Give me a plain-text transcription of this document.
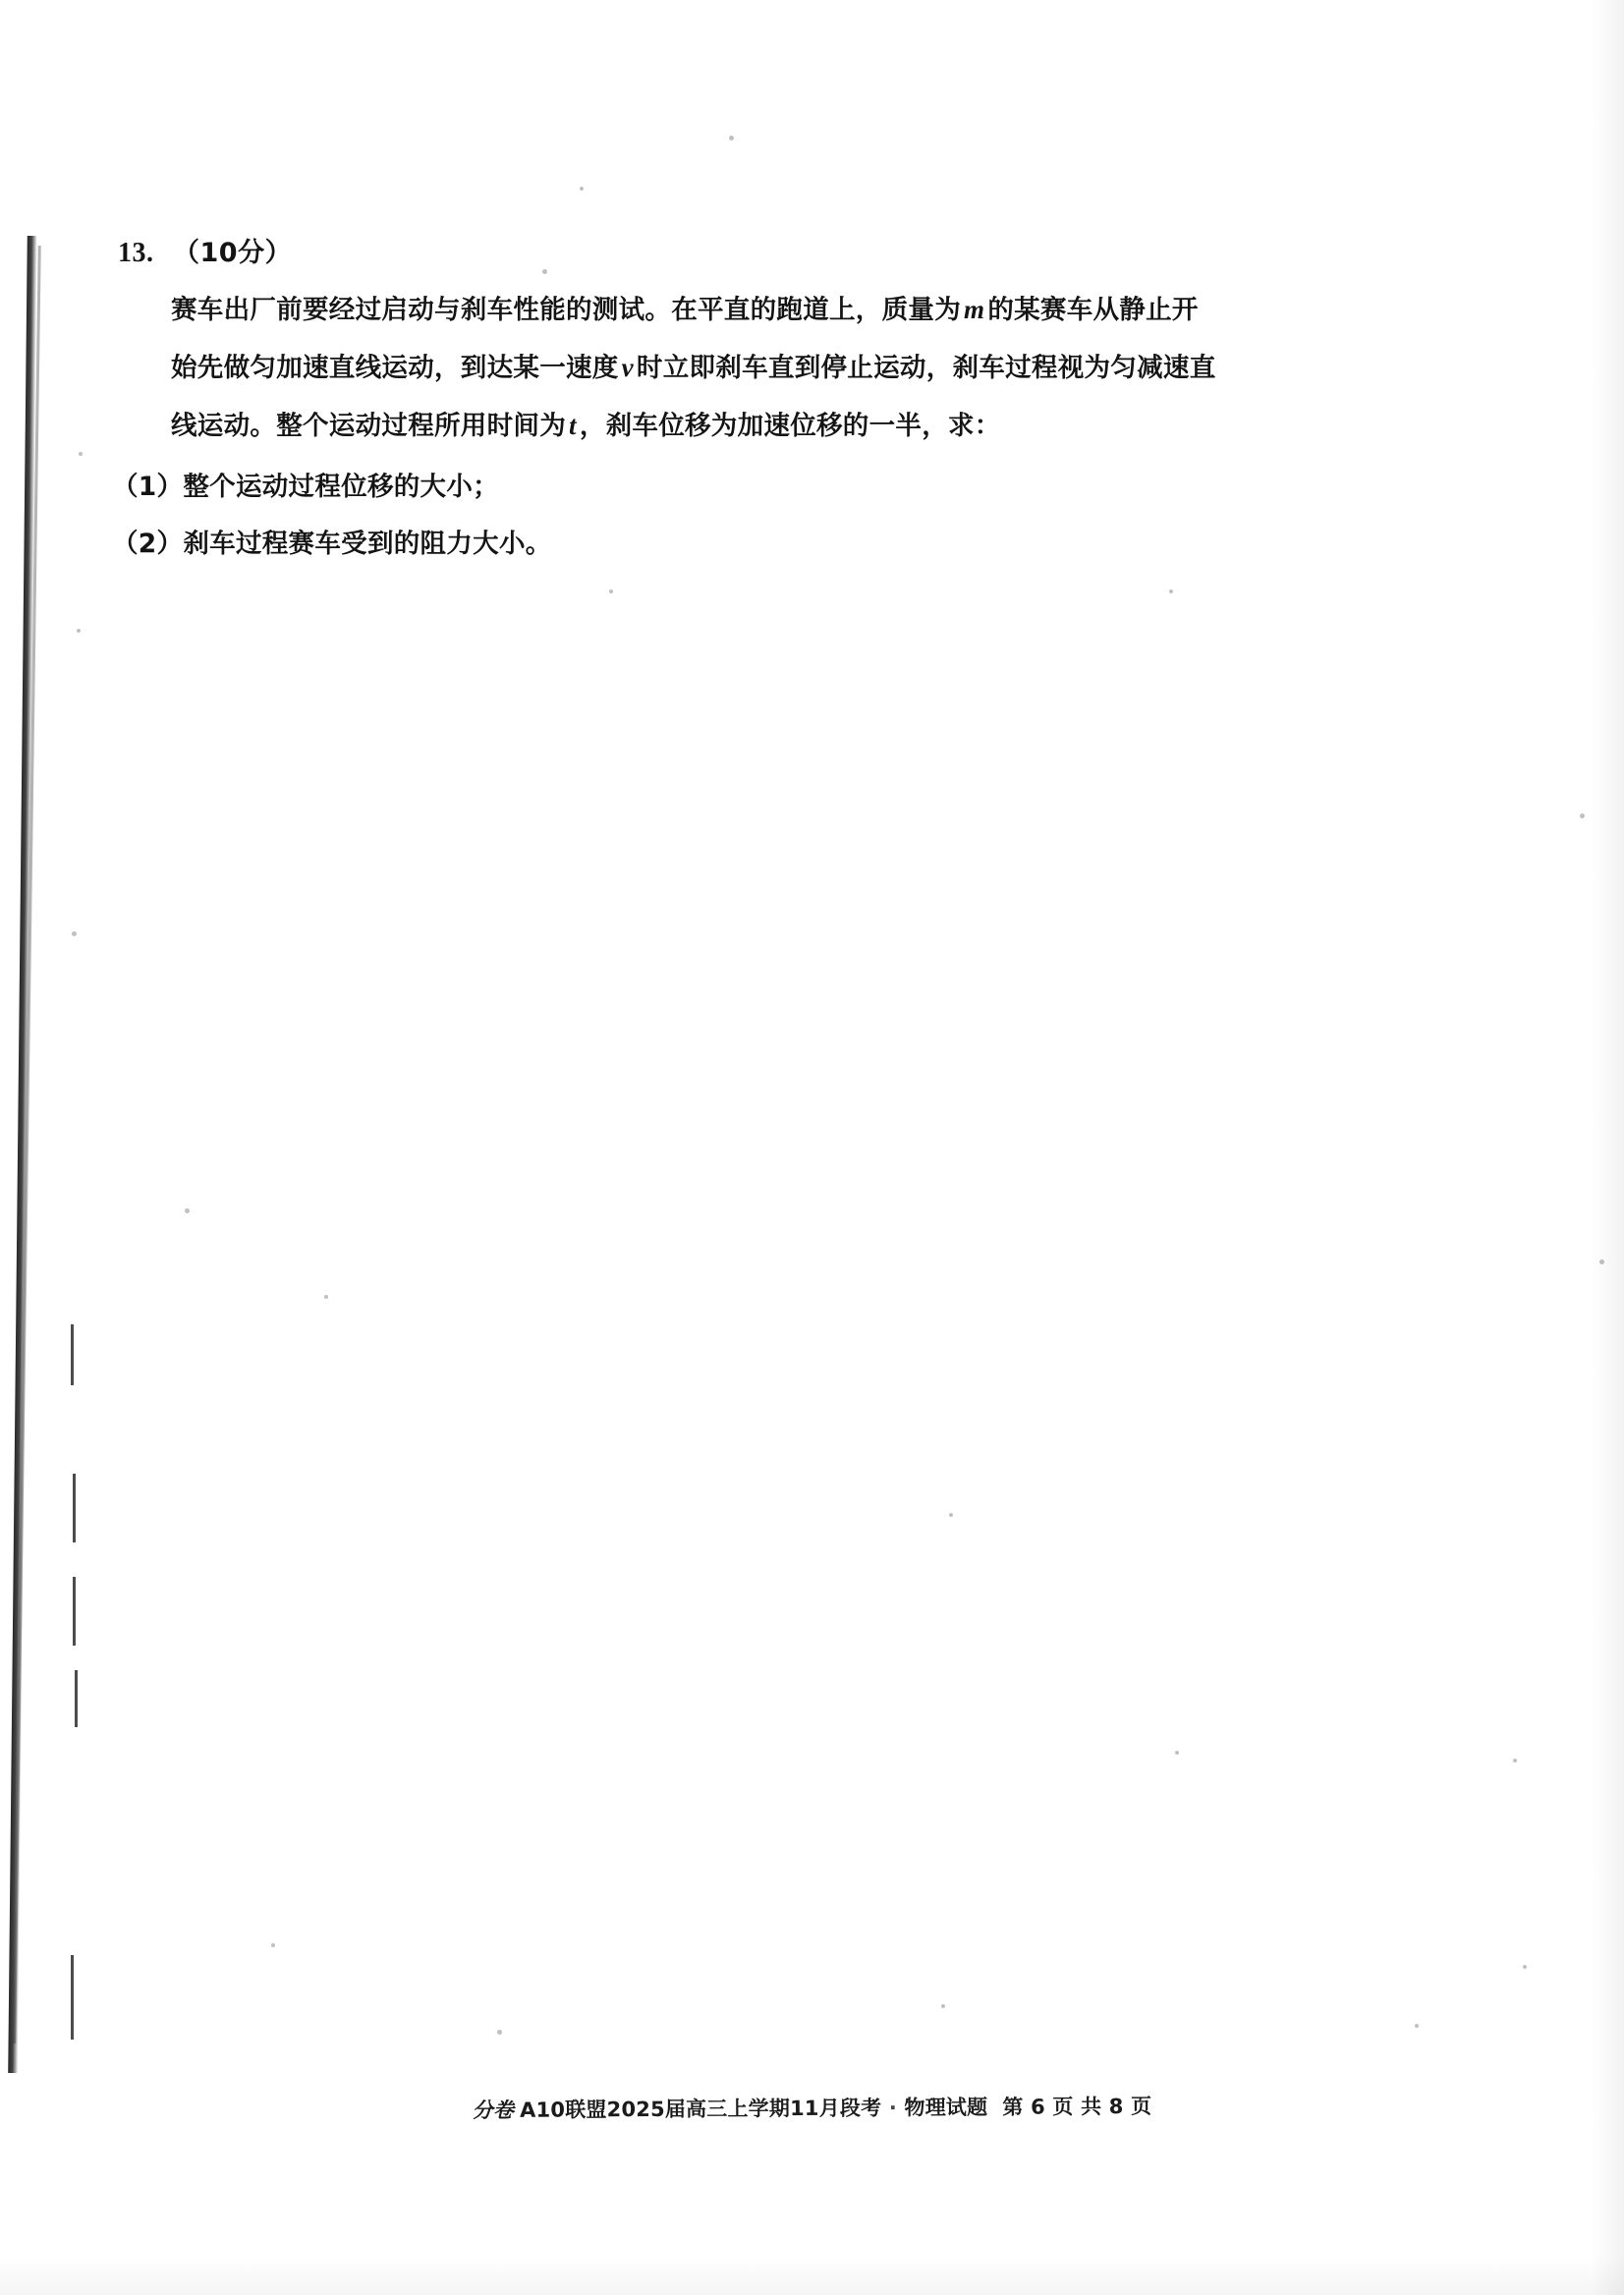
13. （10分）

赛车出厂前要经过启动与刹车性能的测试。在平直的跑道上，质量为 m 的某赛车从静止开

始先做匀加速直线运动，到达某一速度 v 时立即刹车直到停止运动，刹车过程视为匀减速直

线运动。整个运动过程所用时间为 t ，刹车位移为加速位移的一半，求：

（1）整个运动过程位移的大小；

（2）刹车过程赛车受到的阻力大小。

分卷 A10联盟2025届高三上学期11月段考 · 物理试题 第 6 页 共 8 页
